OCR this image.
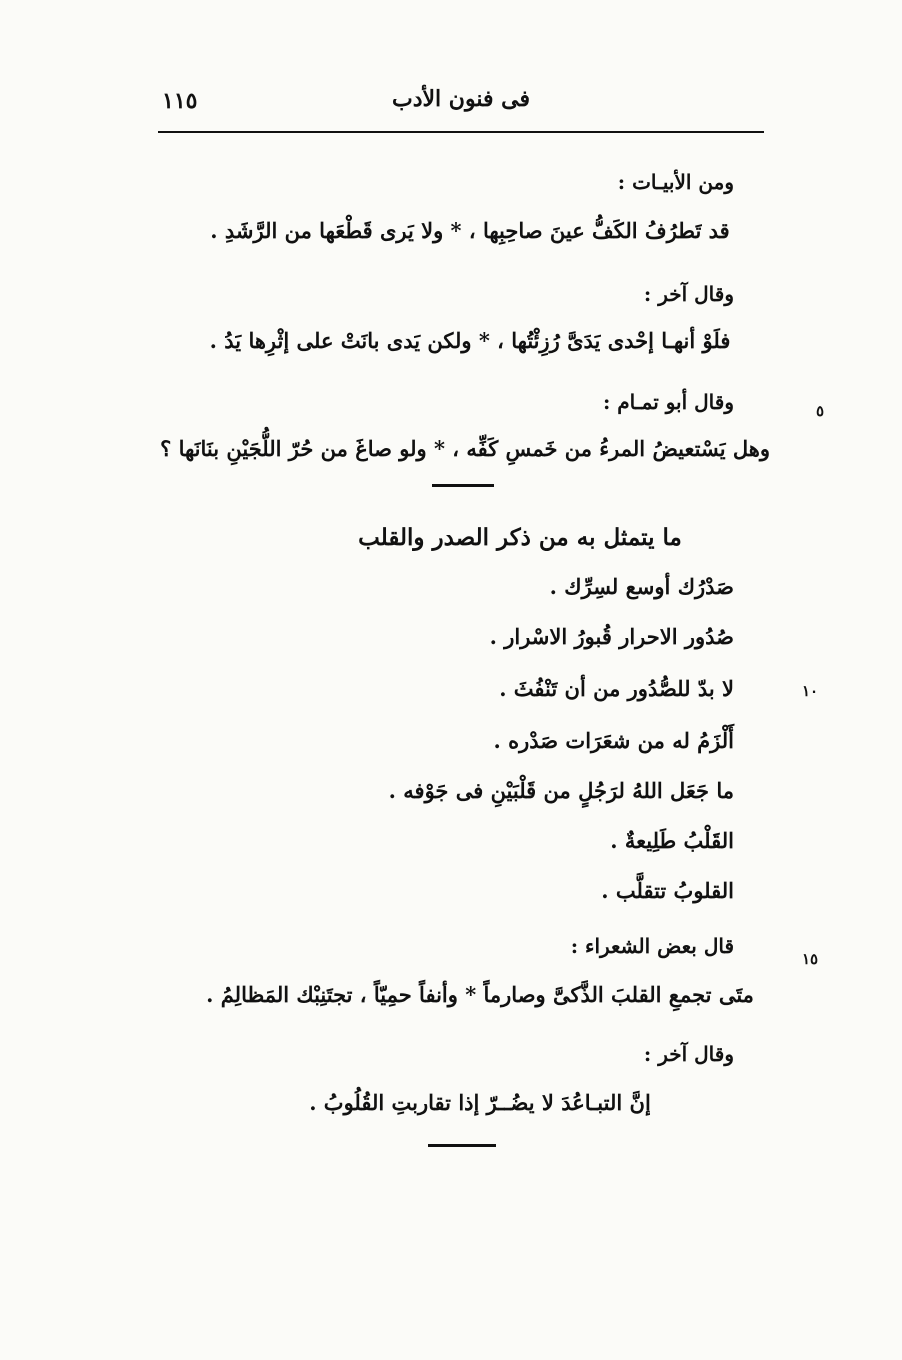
١١٥	فى فنون الأدب
ومن الأبيـات :
قد تَطرُفُ الكَفُّ عينَ صاحِبِها ، * ولا يَرى قَطْعَها من الرَّشَدِ .
وقال آخر :
فلَوْ أنهـا إحْدى يَدَىَّ رُزِئْتُها ، * ولكن يَدى بانَتْ على إثْرِها يَدُ .
وقال أبو تمـام :
وهل يَسْتعيضُ المرءُ من خَمسِ كَفِّه ، * ولو صاغَ من حُرّ اللُّجَيْنِ بنَانَها ؟
٥
ما يتمثل به من ذكر الصدر والقلب
صَدْرُك أوسع لسِرِّك .
صُدُور الاحرار قُبورُ الاسْرار .
لا بدّ للصُّدُور من أن تَنْفُثَ .
أَلْزَمُ له من شعَرَات صَدْره .
ما جَعَل اللهُ لرَجُلٍ من قَلْبَيْنِ فى جَوْفه .
القَلْبُ طَلِيعةٌ .
القلوبُ تتقلَّب .
١٠
قال بعض الشعراء :
١٥
متَى تجمعِ القلبَ الذَّكىَّ وصارماً * وأنفاً حمِيّاً ، تجتَنِبْك المَظالِمُ .
وقال آخر :
إنَّ التبـاعُدَ لا يضُــرّ إذا تقاربتِ القُلُوبُ .
